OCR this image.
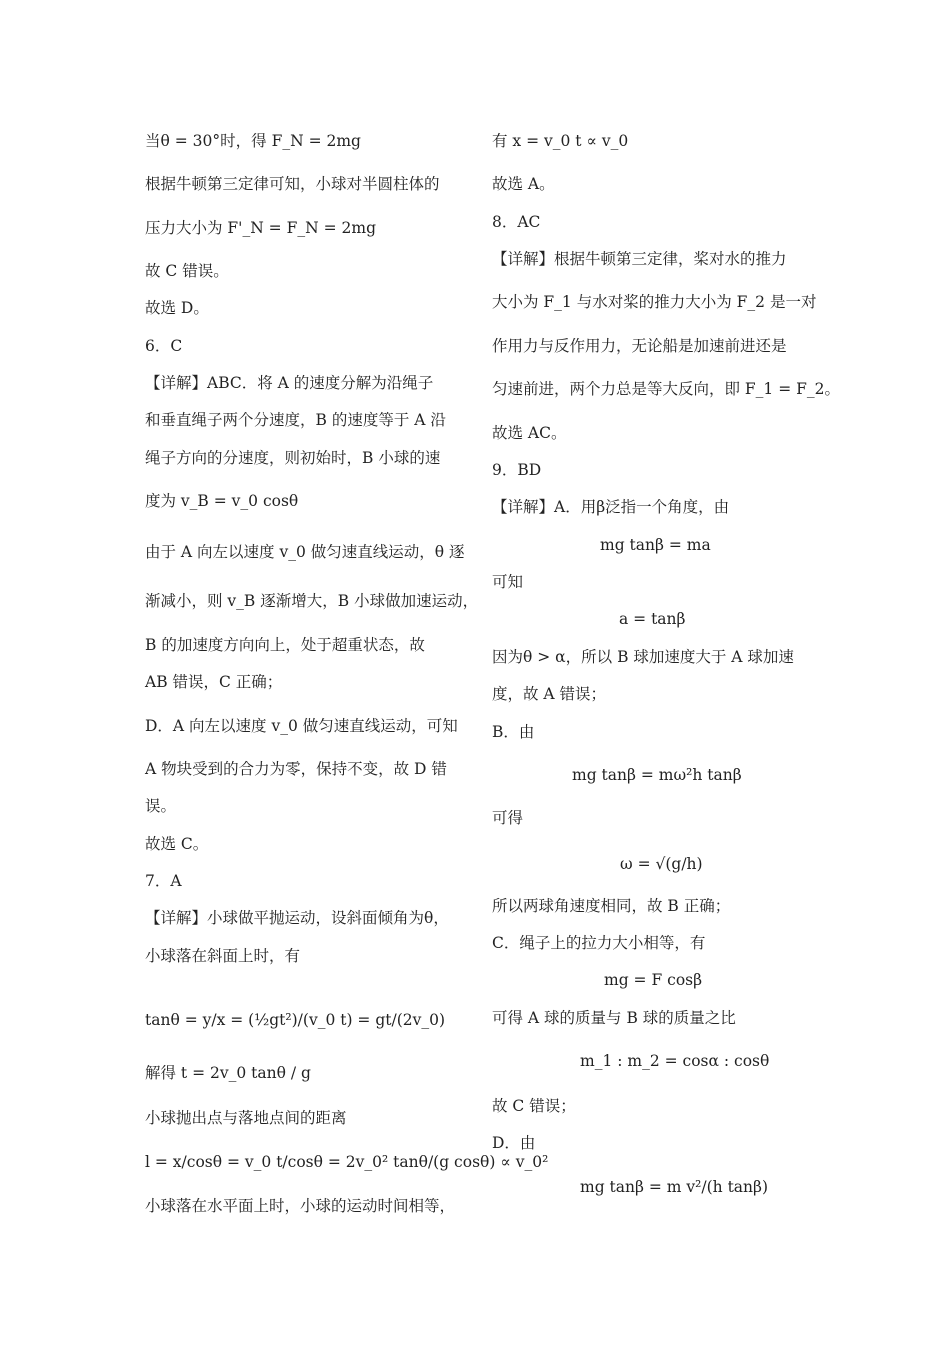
当θ = 30°时，得 F_N = 2mg
根据牛顿第三定律可知，小球对半圆柱体的
压力大小为 F'_N = F_N = 2mg
故 C 错误。
故选 D。
6．C
【详解】ABC．将 A 的速度分解为沿绳子
和垂直绳子两个分速度，B 的速度等于 A 沿
绳子方向的分速度，则初始时，B 小球的速
度为 v_B = v_0 cosθ
由于 A 向左以速度 v_0 做匀速直线运动，θ 逐
渐减小，则 v_B 逐渐增大，B 小球做加速运动，
B 的加速度方向向上，处于超重状态，故
AB 错误，C 正确；
D．A 向左以速度 v_0 做匀速直线运动，可知
A 物块受到的合力为零，保持不变，故 D 错
误。
故选 C。
7．A
【详解】小球做平抛运动，设斜面倾角为θ，
小球落在斜面上时，有
tanθ = y/x = (½gt²)/(v_0 t) = gt/(2v_0)
解得 t = 2v_0 tanθ / g
小球抛出点与落地点间的距离
l = x/cosθ = v_0 t/cosθ = 2v_0² tanθ/(g cosθ) ∝ v_0²
小球落在水平面上时，小球的运动时间相等，
有 x = v_0 t ∝ v_0
故选 A。
8．AC
【详解】根据牛顿第三定律，桨对水的推力
大小为 F_1 与水对桨的推力大小为 F_2 是一对
作用力与反作用力，无论船是加速前进还是
匀速前进，两个力总是等大反向，即 F_1 = F_2。
故选 AC。
9．BD
【详解】A．用β泛指一个角度，由
mg tanβ = ma
可知
a = tanβ
因为θ > α，所以 B 球加速度大于 A 球加速
度，故 A 错误；
B．由
mg tanβ = mω²h tanβ
可得
ω = √(g/h)
所以两球角速度相同，故 B 正确；
C．绳子上的拉力大小相等，有
mg = F cosβ
可得 A 球的质量与 B 球的质量之比
m_1 : m_2 = cosα : cosθ
故 C 错误；
D．由
mg tanβ = m v²/(h tanβ)
